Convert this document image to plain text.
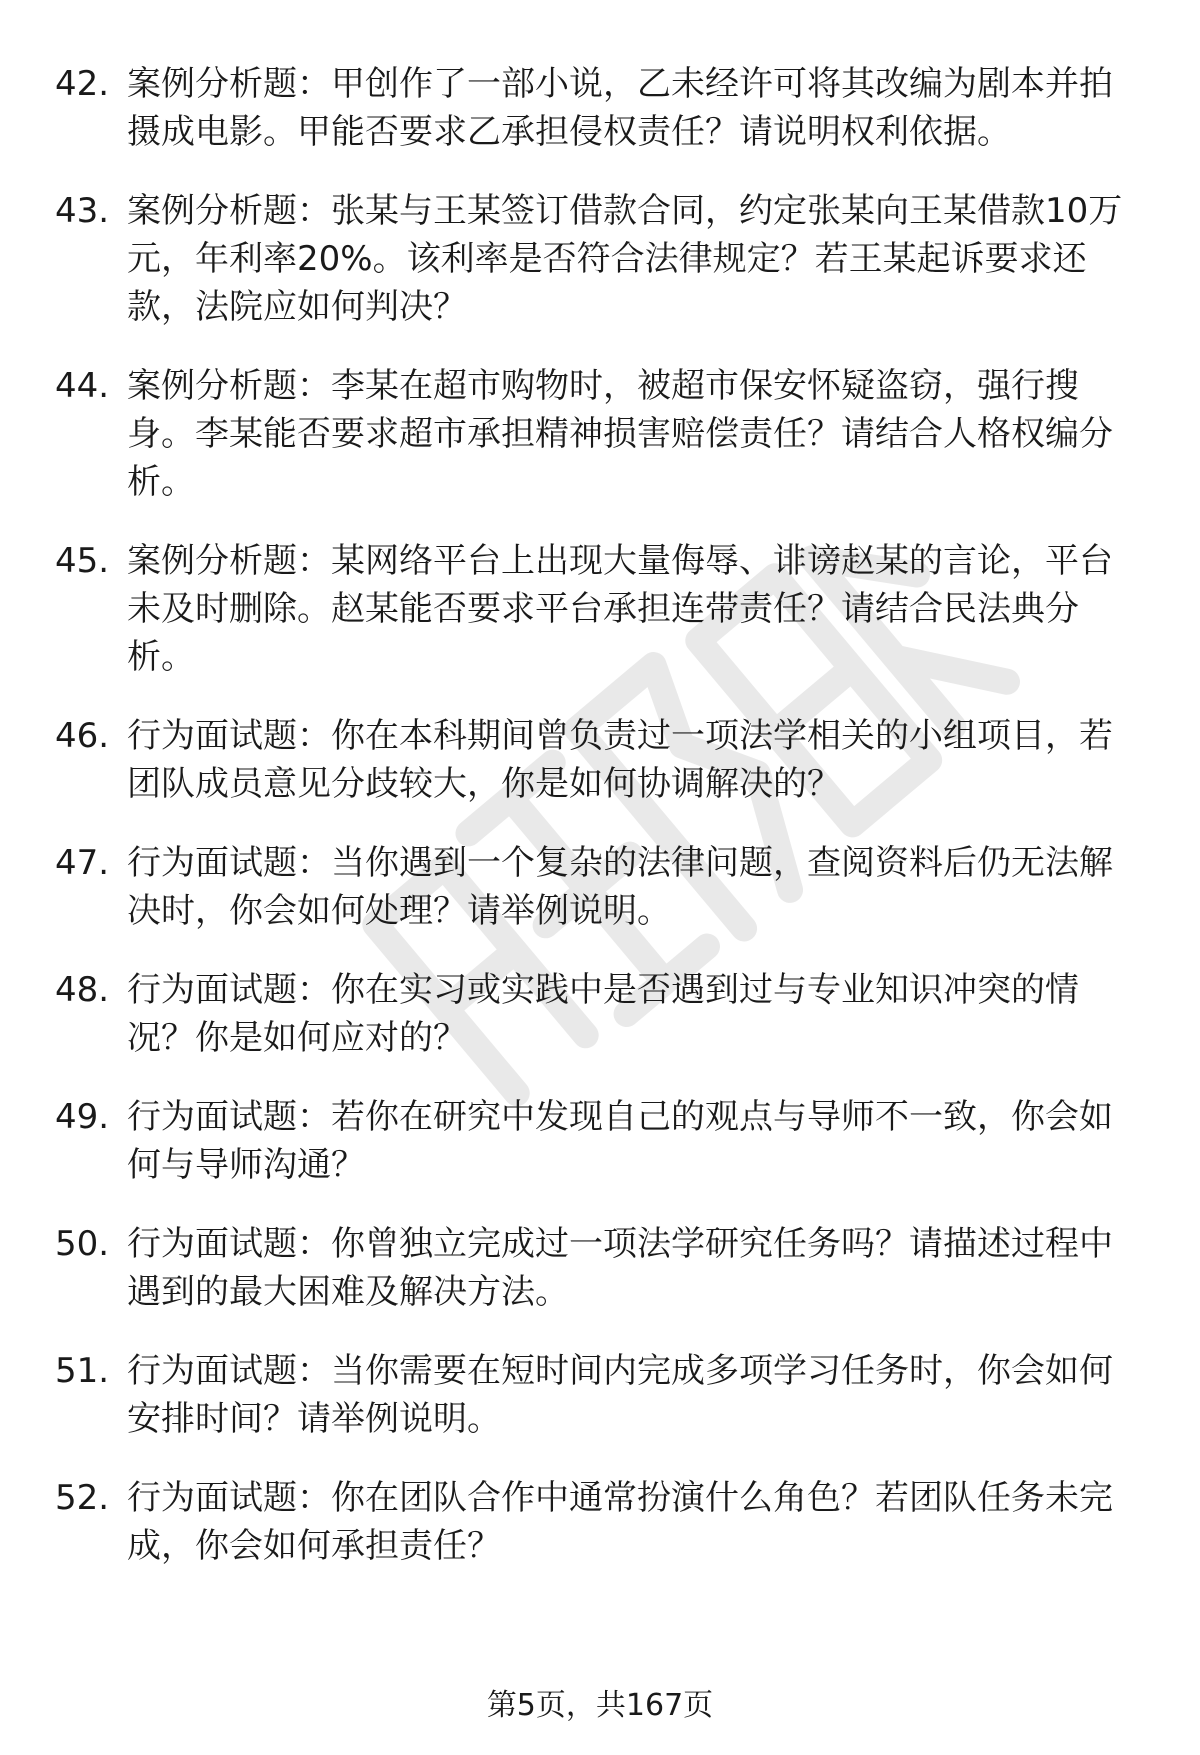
42. 案例分析题：甲创作了一部小说，乙未经许可将其改编为剧本并拍摄成电影。甲能否要求乙承担侵权责任？请说明权利依据。
43. 案例分析题：张某与王某签订借款合同，约定张某向王某借款10万元，年利率20%。该利率是否符合法律规定？若王某起诉要求还款，法院应如何判决？
44. 案例分析题：李某在超市购物时，被超市保安怀疑盗窃，强行搜身。李某能否要求超市承担精神损害赔偿责任？请结合人格权编分析。
45. 案例分析题：某网络平台上出现大量侮辱、诽谤赵某的言论，平台未及时删除。赵某能否要求平台承担连带责任？请结合民法典分析。
46. 行为面试题：你在本科期间曾负责过一项法学相关的小组项目，若团队成员意见分歧较大，你是如何协调解决的？
47. 行为面试题：当你遇到一个复杂的法律问题，查阅资料后仍无法解决时，你会如何处理？请举例说明。
48. 行为面试题：你在实习或实践中是否遇到过与专业知识冲突的情况？你是如何应对的？
49. 行为面试题：若你在研究中发现自己的观点与导师不一致，你会如何与导师沟通？
50. 行为面试题：你曾独立完成过一项法学研究任务吗？请描述过程中遇到的最大困难及解决方法。
51. 行为面试题：当你需要在短时间内完成多项学习任务时，你会如何安排时间？请举例说明。
52. 行为面试题：你在团队合作中通常扮演什么角色？若团队任务未完成，你会如何承担责任？
第5页，共167页
